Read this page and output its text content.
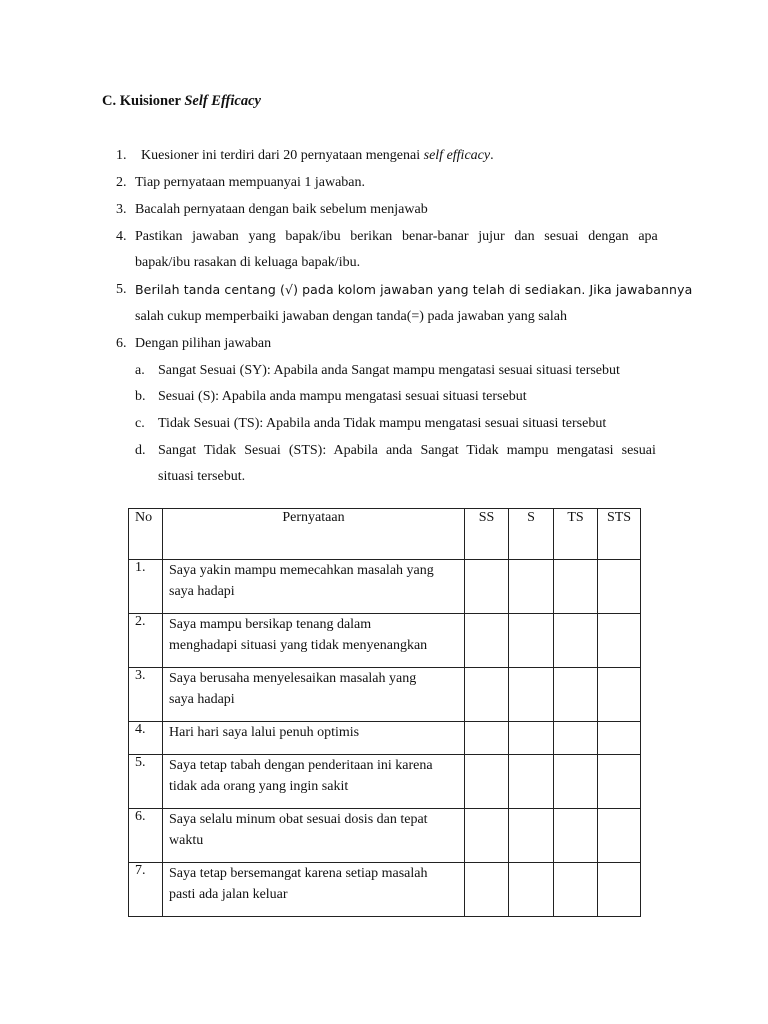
C. Kuisioner Self Efficacy
1. Kuesioner ini terdiri dari 20 pernyataan mengenai self efficacy.
2. Tiap pernyataan mempuanyai 1 jawaban.
3. Bacalah pernyataan dengan baik sebelum menjawab
4. Pastikan jawaban yang bapak/ibu berikan benar-banar jujur dan sesuai dengan apa
bapak/ibu rasakan di keluaga bapak/ibu.
5. Berilah tanda centang (√) pada kolom jawaban yang telah di sediakan. Jika jawabannya
salah cukup memperbaiki jawaban dengan tanda(=) pada jawaban yang salah
6. Dengan pilihan jawaban
a. Sangat Sesuai (SY): Apabila anda Sangat mampu mengatasi sesuai situasi tersebut
b. Sesuai (S): Apabila anda mampu mengatasi sesuai situasi tersebut
c. Tidak Sesuai (TS): Apabila anda Tidak mampu mengatasi sesuai situasi tersebut
d. Sangat Tidak Sesuai (STS): Apabila anda Sangat Tidak mampu mengatasi sesuai
situasi tersebut.
No	Pernyataan	SS	S	TS	STS
1.	Saya yakin mampu memecahkan masalah yang
saya hadapi				

2.	Saya mampu bersikap tenang dalam
menghadapi situasi yang tidak menyenangkan				

3.	Saya berusaha menyelesaikan masalah yang
saya hadapi				

4.	Hari hari saya lalui penuh optimis				

5.	Saya tetap tabah dengan penderitaan ini karena
tidak ada orang yang ingin sakit				

6.	Saya selalu minum obat sesuai dosis dan tepat
waktu				

7.	Saya tetap bersemangat karena setiap masalah
pasti ada jalan keluar				
